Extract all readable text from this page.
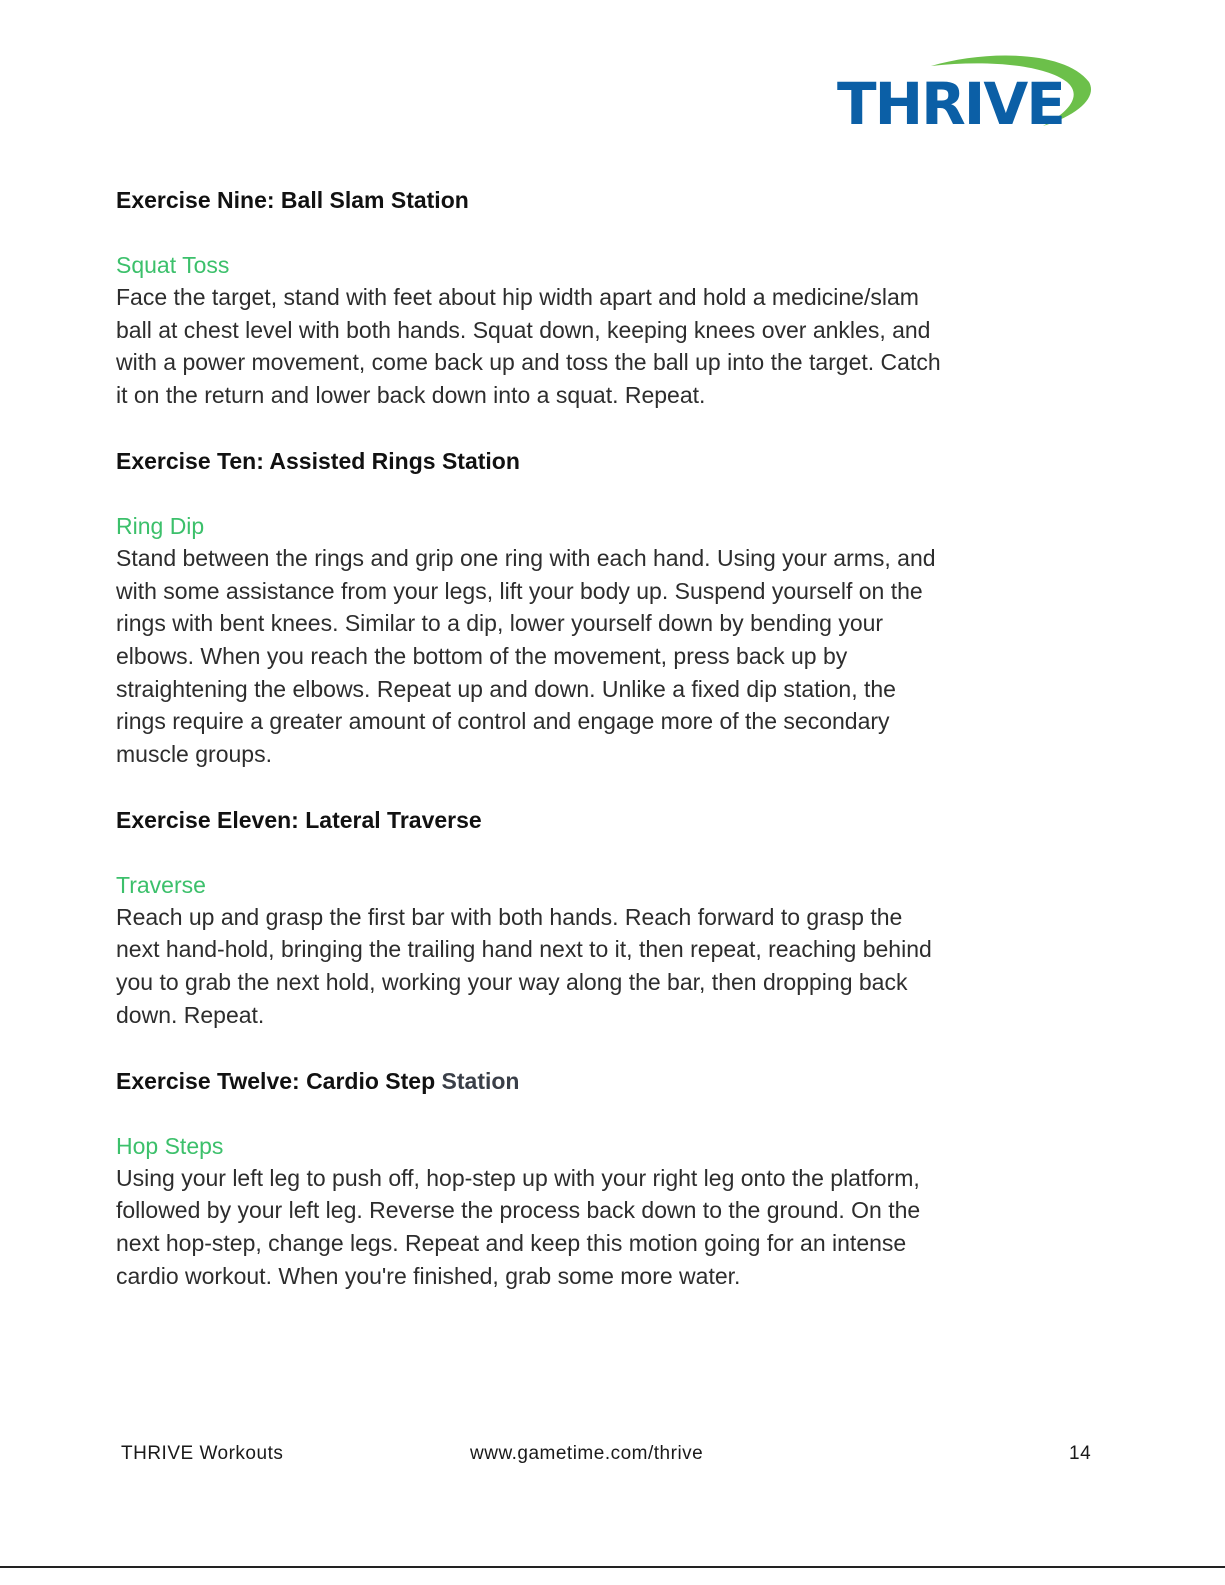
THRIVE
Exercise Nine: Ball Slam Station
Squat Toss
Face the target, stand with feet about hip width apart and hold a medicine/slam
ball at chest level with both hands. Squat down, keeping knees over ankles, and
with a power movement, come back up and toss the ball up into the target. Catch
it on the return and lower back down into a squat. Repeat.
Exercise Ten: Assisted Rings Station
Ring Dip
Stand between the rings and grip one ring with each hand. Using your arms, and
with some assistance from your legs, lift your body up. Suspend yourself on the
rings with bent knees. Similar to a dip, lower yourself down by bending your
elbows. When you reach the bottom of the movement, press back up by
straightening the elbows. Repeat up and down. Unlike a fixed dip station, the
rings require a greater amount of control and engage more of the secondary
muscle groups.
Exercise Eleven: Lateral Traverse
Traverse
Reach up and grasp the first bar with both hands. Reach forward to grasp the
next hand-hold, bringing the trailing hand next to it, then repeat, reaching behind
you to grab the next hold, working your way along the bar, then dropping back
down. Repeat.
Exercise Twelve: Cardio Step Station
Hop Steps
Using your left leg to push off, hop-step up with your right leg onto the platform,
followed by your left leg. Reverse the process back down to the ground. On the
next hop-step, change legs. Repeat and keep this motion going for an intense
cardio workout. When you're finished, grab some more water.
THRIVE Workouts	www.gametime.com/thrive	14
